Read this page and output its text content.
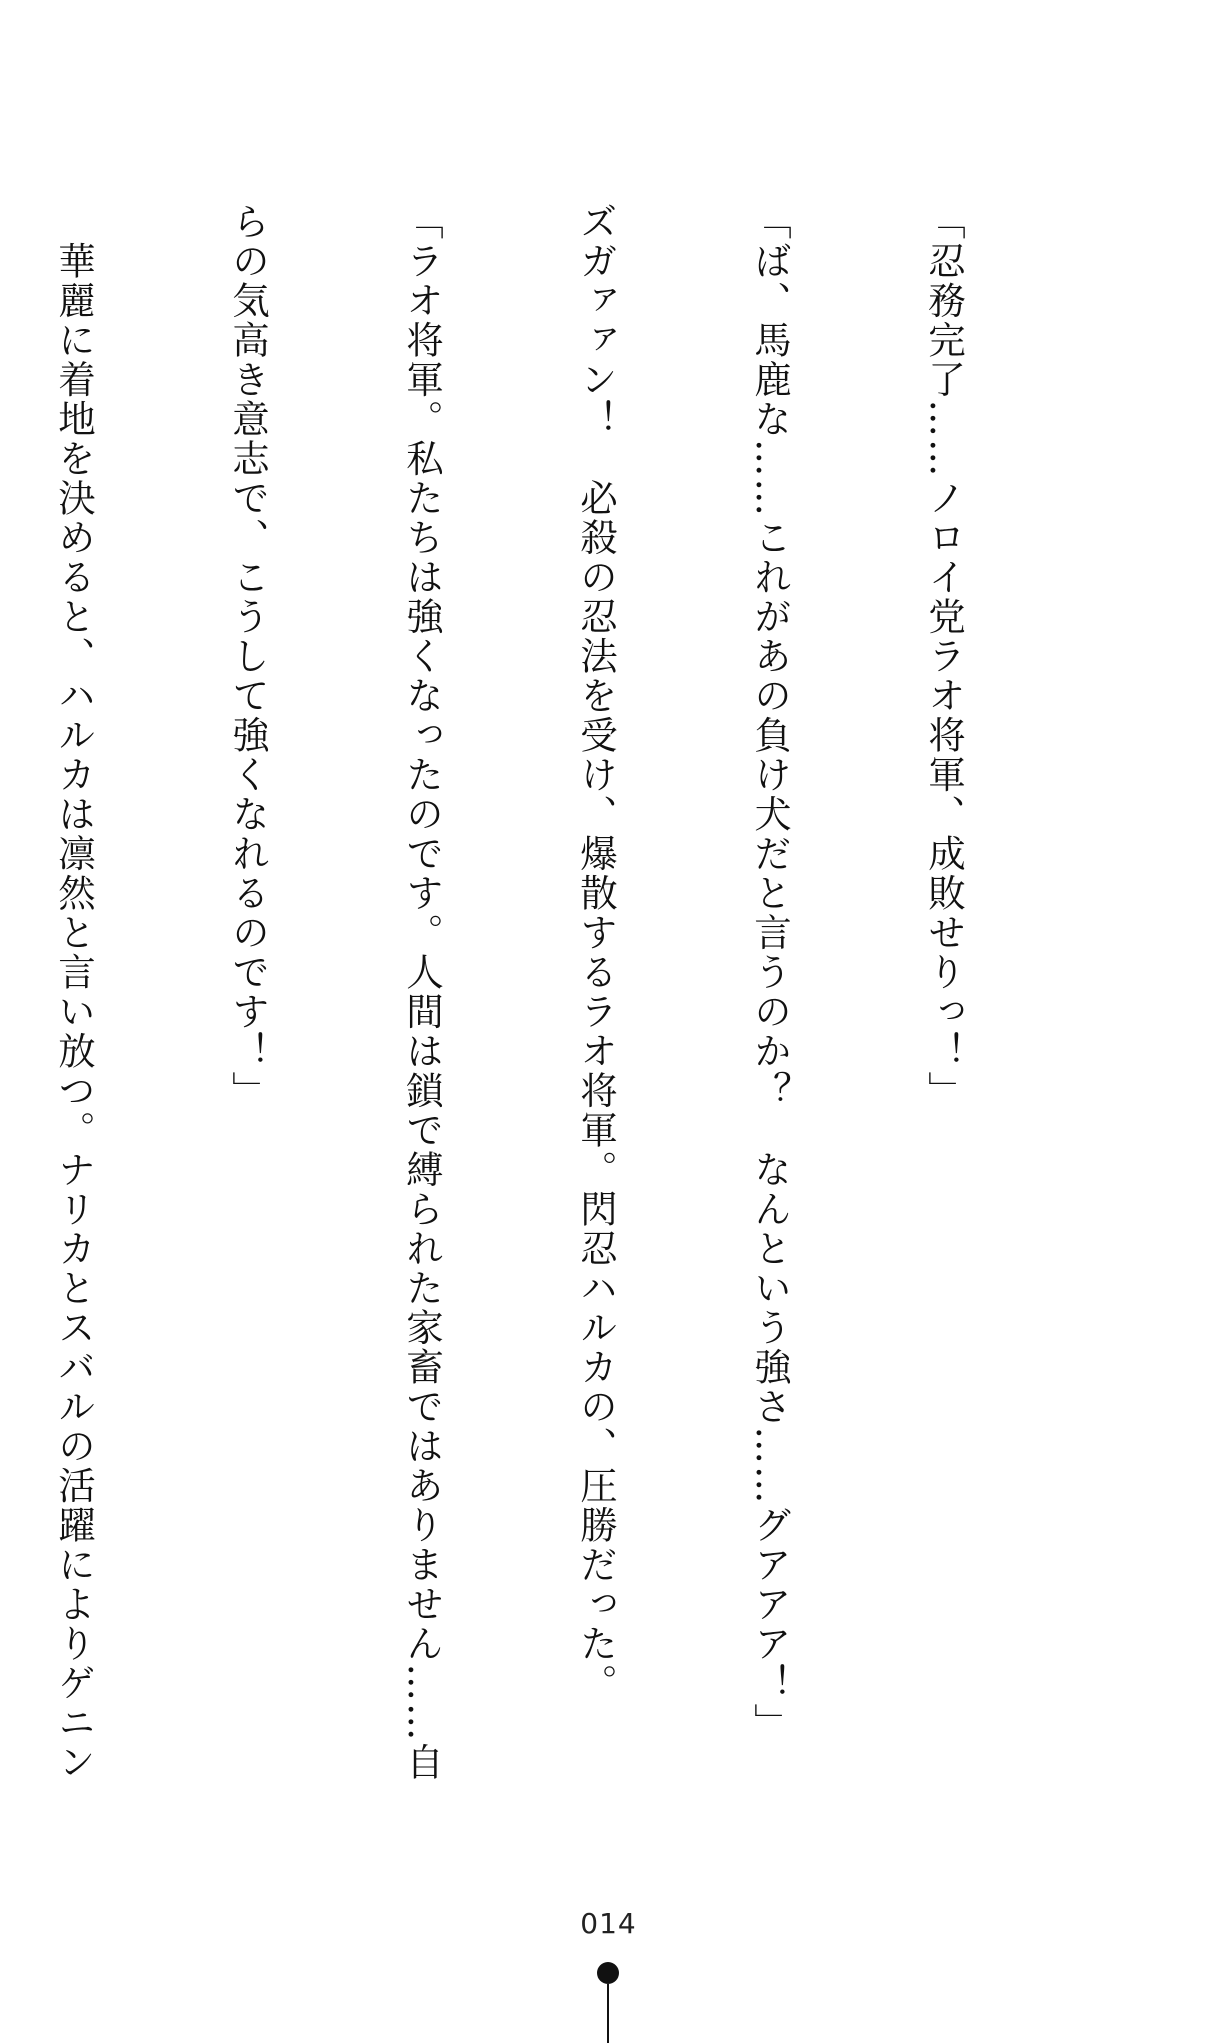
「忍務完了……ノロイ党ラオ将軍、成敗せりっ！」

「ば、馬鹿な……これがあの負け犬だと言うのか？　なんという強さ……グアアア！」

ズガァァン！　必殺の忍法を受け、爆散するラオ将軍。閃忍ハルカの、圧勝だった。

「ラオ将軍。私たちは強くなったのです。人間は鎖で縛られた家畜ではありません……自

らの気高き意志で、こうして強くなれるのです！」

　華麗に着地を決めると、ハルカは凛然と言い放つ。ナリカとスバルの活躍によりゲニン

014
